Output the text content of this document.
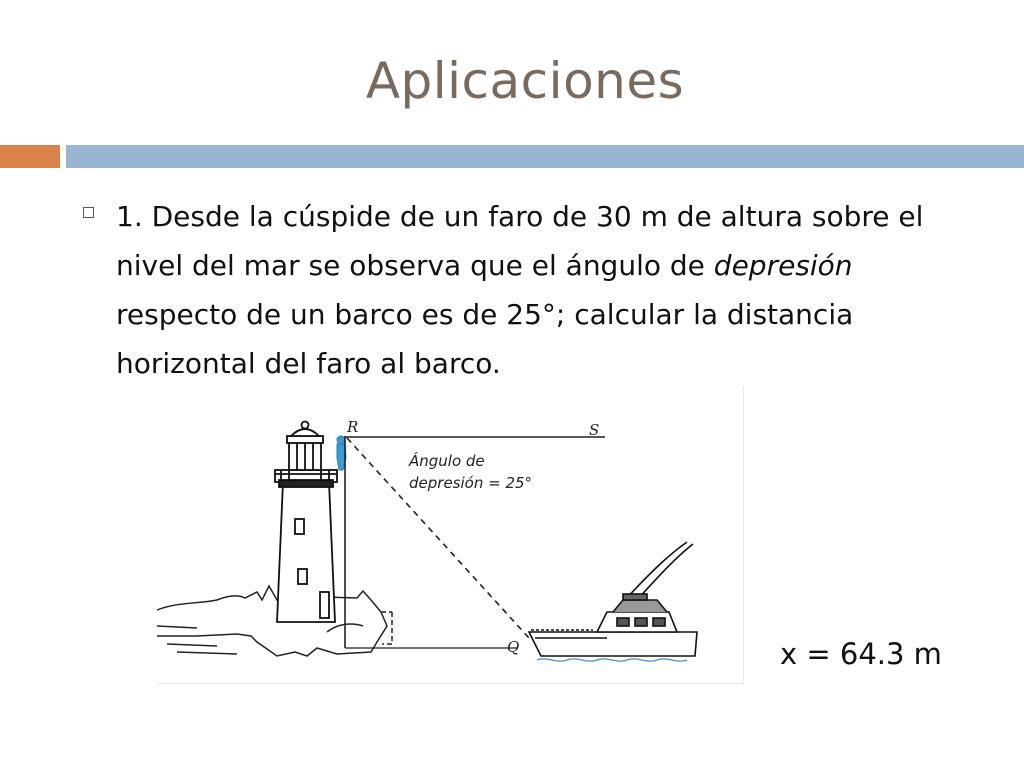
Aplicaciones
1. Desde la cúspide de un faro de 30 m de altura sobre el nivel del mar se observa que el ángulo de depresión respecto de un barco es de 25°; calcular la distancia horizontal del faro al barco.
R	S
Q
Ángulo de
depresión = 25°
x = 64.3 m
